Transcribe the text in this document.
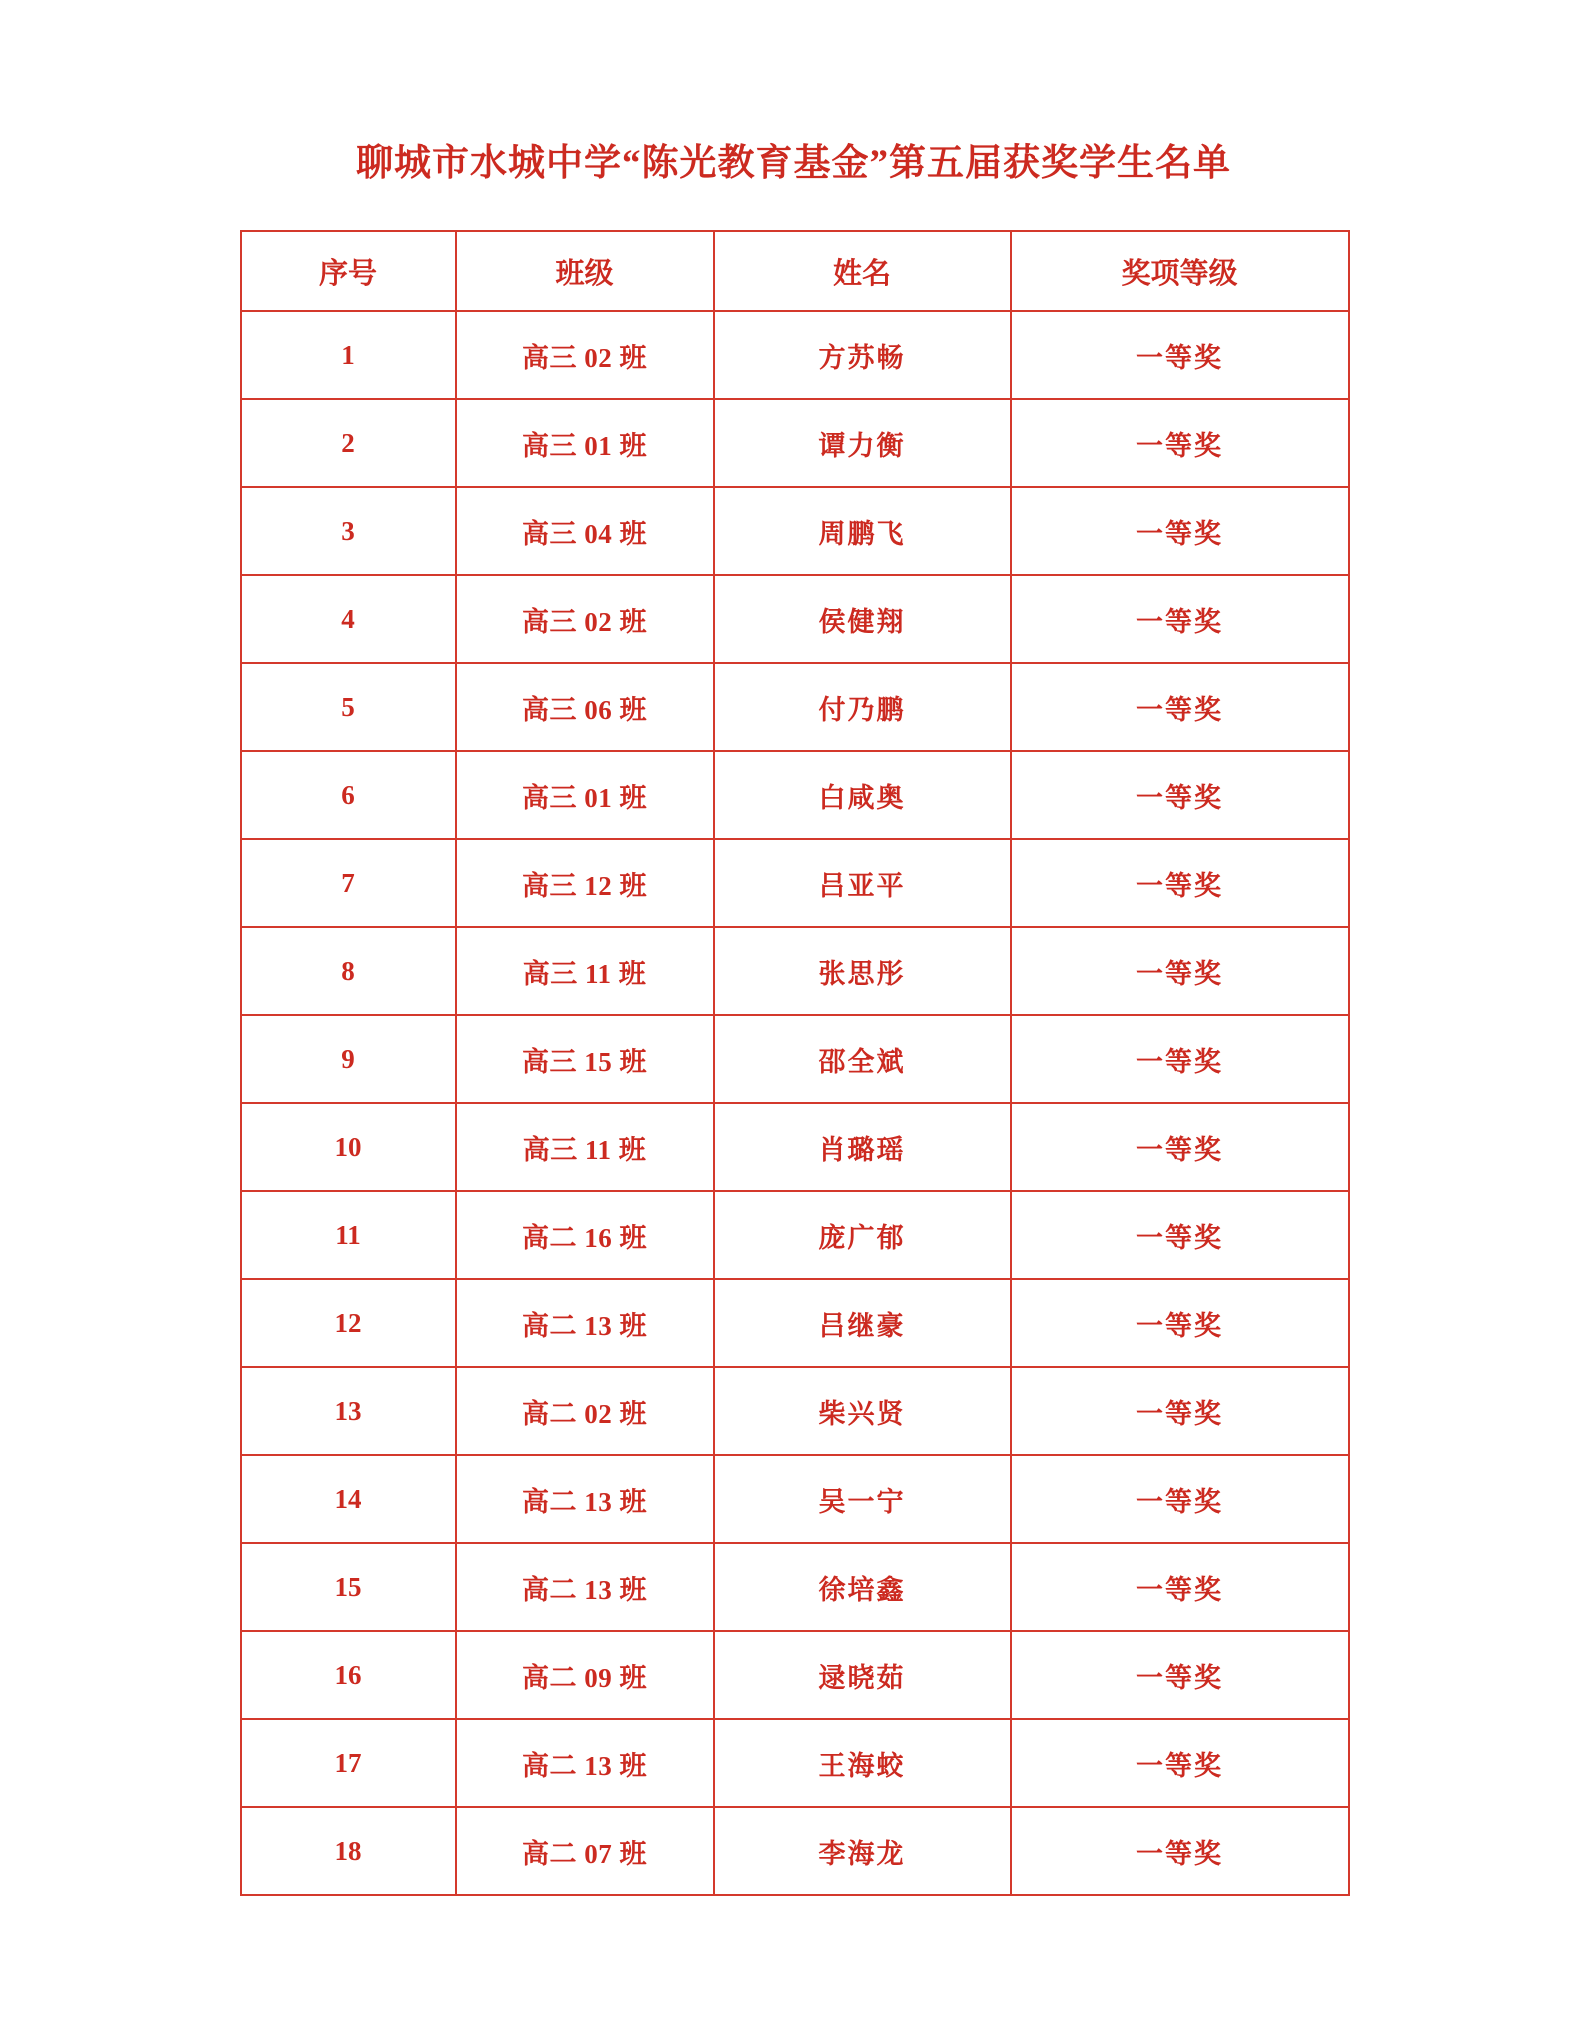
聊城市水城中学“陈光教育基金”第五届获奖学生名单
序号	班级	姓名	奖项等级
1	高三 02 班	方苏畅	一等奖
2	高三 01 班	谭力衡	一等奖
3	高三 04 班	周鹏飞	一等奖
4	高三 02 班	侯健翔	一等奖
5	高三 06 班	付乃鹏	一等奖
6	高三 01 班	白咸奥	一等奖
7	高三 12 班	吕亚平	一等奖
8	高三 11 班	张思彤	一等奖
9	高三 15 班	邵全斌	一等奖
10	高三 11 班	肖璐瑶	一等奖
11	高二 16 班	庞广郁	一等奖
12	高二 13 班	吕继豪	一等奖
13	高二 02 班	柴兴贤	一等奖
14	高二 13 班	吴一宁	一等奖
15	高二 13 班	徐培鑫	一等奖
16	高二 09 班	逯晓茹	一等奖
17	高二 13 班	王海蛟	一等奖
18	高二 07 班	李海龙	一等奖
